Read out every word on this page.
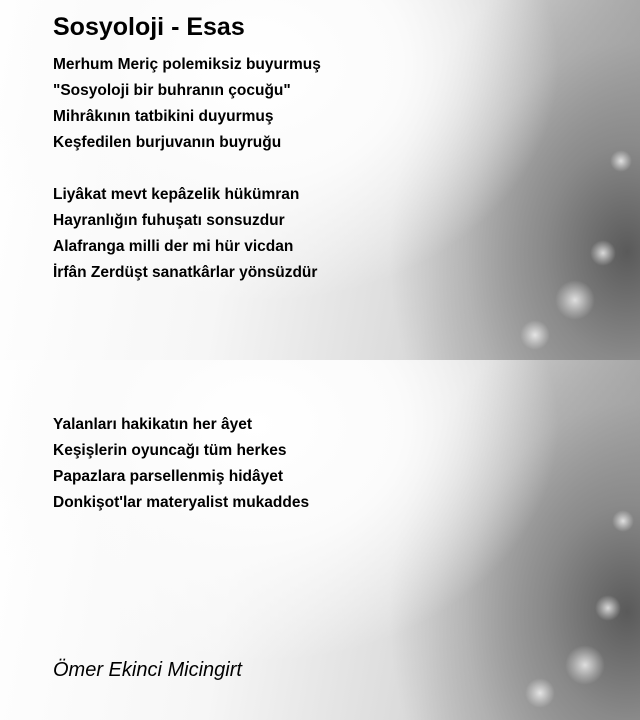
Sosyoloji - Esas
Merhum Meriç polemiksiz buyurmuş
"Sosyoloji bir buhranın çocuğu"
Mihrâkının tatbikini duyurmuş
Keşfedilen burjuvanın buyruğu
Liyâkat mevt kepâzelik hükümran
Hayranlığın fuhuşatı sonsuzdur
Alafranga milli der mi hür vicdan
İrfân Zerdüşt sanatkârlar yönsüzdür
Yalanları hakikatın her âyet
Keşişlerin oyuncağı tüm herkes
Papazlara parsellenmiş hidâyet
Donkişot'lar materyalist mukaddes

Ömer Ekinci Micingirt
